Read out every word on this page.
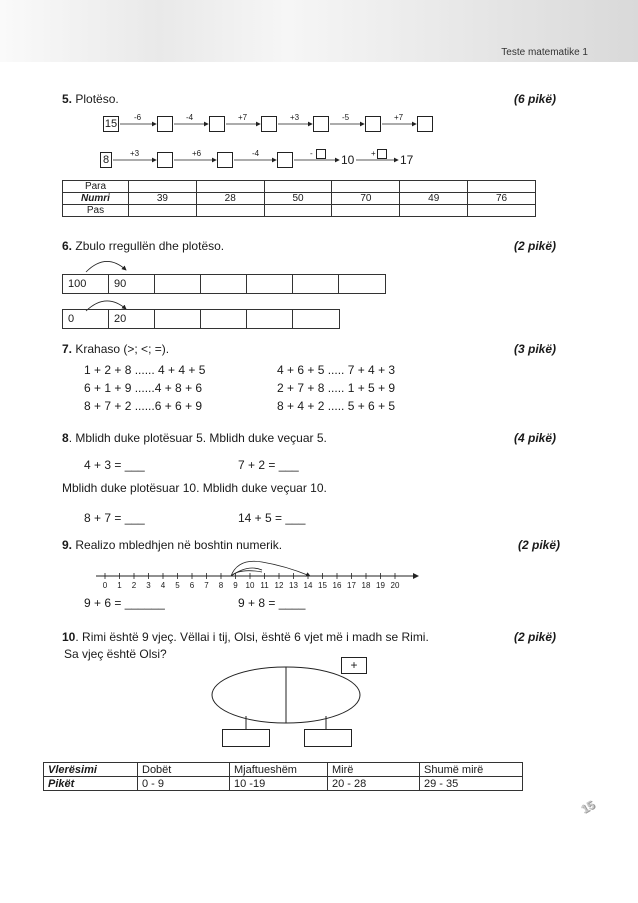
Teste matematike 1
5. Plotëso.	(6 pikë)
15
-6	-4	+7	+3	-5	+7
8
+3	+6	-4	- 10 + 17
Para						
Numri	39	28	50	70	49	76
Pas						
6. Zbulo rregullën dhe plotëso.	(2 pikë)
100	90
0	20
7. Krahaso (>; <; =).	(3 pikë)
1 + 2 + 8 ...... 4 + 4 + 5
6 + 1 + 9 ......4 + 8 + 6
8 + 7 + 2 ......6 + 6 + 9
4 + 6 + 5 ..... 7 + 4 + 3
2 + 7 + 8 ..... 1 + 5 + 9
8 + 4 + 2 ..... 5 + 6 + 5
8. Mblidh duke plotësuar 5. Mblidh duke veçuar 5.	(4 pikë)
4 + 3 = ___	7 + 2 = ___
Mblidh duke plotësuar 10. Mblidh duke veçuar 10.
8 + 7 = ___	14 + 5 = ___
9. Realizo mbledhjen në boshtin numerik.	(2 pikë)
0	1	2	3	4	5	6	7	8	9 10 11 12 13 14 15 16 17 18 19 20
9 + 6 = ______	9 + 8 = ____
10. Rimi është 9 vjeç. Vëllai i tij, Olsi, është 6 vjet më i madh se Rimi.	(2 pikë)
Sa vjeç është Olsi?
+
Vlerësimi	Dobët	Mjaftueshëm	Mirë	Shumë mirë
Pikët	0 - 9	10 -19	20 - 28	29 - 35
15
